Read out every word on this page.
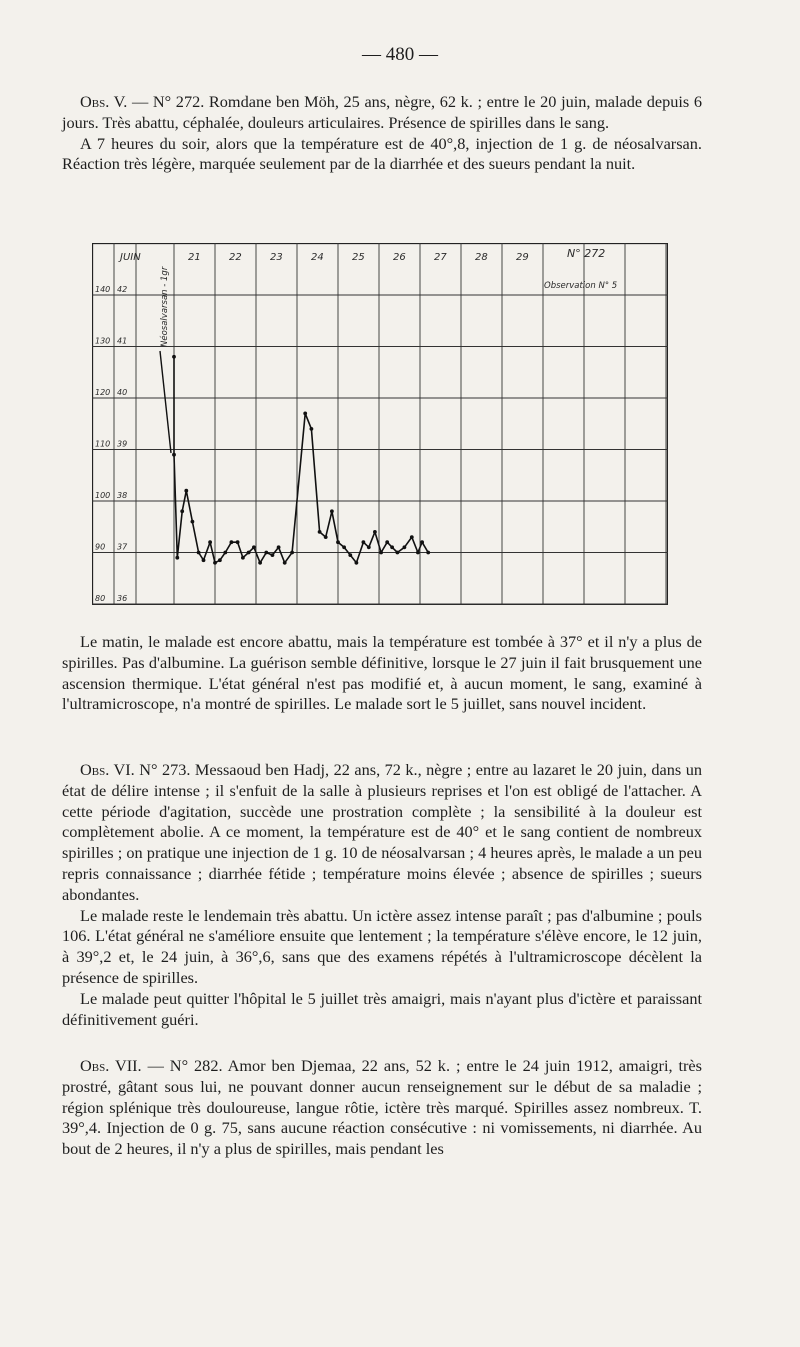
— 480 —

Obs. V. — N° 272. Romdane ben Möh, 25 ans, nègre, 62 k. ; entre le 20 juin, malade depuis 6 jours. Très abattu, céphalée, douleurs articulaires. Présence de spirilles dans le sang.

A 7 heures du soir, alors que la température est de 40°,8, injection de 1 g. de néosalvarsan. Réaction très légère, marquée seulement par de la diarrhée et des sueurs pendant la nuit.

JUIN
Néosalvarsan - 1gr
N° 272
Observation N° 5
21	22	23	24	25	26	27	28	29
140
130
120
110
100
90
80
42
41
40
39
38
37
36

Le matin, le malade est encore abattu, mais la température est tombée à 37° et il n'y a plus de spirilles. Pas d'albumine. La guérison semble définitive, lorsque le 27 juin il fait brusquement une ascension thermique. L'état général n'est pas modifié et, à aucun moment, le sang, examiné à l'ultramicroscope, n'a montré de spirilles. Le malade sort le 5 juillet, sans nouvel incident.

Obs. VI. N° 273. Messaoud ben Hadj, 22 ans, 72 k., nègre ; entre au lazaret le 20 juin, dans un état de délire intense ; il s'enfuit de la salle à plusieurs reprises et l'on est obligé de l'attacher. A cette période d'agitation, succède une prostration complète ; la sensibilité à la douleur est complètement abolie. A ce moment, la température est de 40° et le sang contient de nombreux spirilles ; on pratique une injection de 1 g. 10 de néosalvarsan ; 4 heures après, le malade a un peu repris connaissance ; diarrhée fétide ; température moins élevée ; absence de spirilles ; sueurs abondantes.

Le malade reste le lendemain très abattu. Un ictère assez intense paraît ; pas d'albumine ; pouls 106. L'état général ne s'améliore ensuite que lentement ; la température s'élève encore, le 12 juin, à 39°,2 et, le 24 juin, à 36°,6, sans que des examens répétés à l'ultramicroscope décèlent la présence de spirilles.

Le malade peut quitter l'hôpital le 5 juillet très amaigri, mais n'ayant plus d'ictère et paraissant définitivement guéri.

Obs. VII. — N° 282. Amor ben Djemaa, 22 ans, 52 k. ; entre le 24 juin 1912, amaigri, très prostré, gâtant sous lui, ne pouvant donner aucun renseignement sur le début de sa maladie ; région splénique très douloureuse, langue rôtie, ictère très marqué. Spirilles assez nombreux. T. 39°,4. Injection de 0 g. 75, sans aucune réaction consécutive : ni vomissements, ni diarrhée. Au bout de 2 heures, il n'y a plus de spirilles, mais pendant les
